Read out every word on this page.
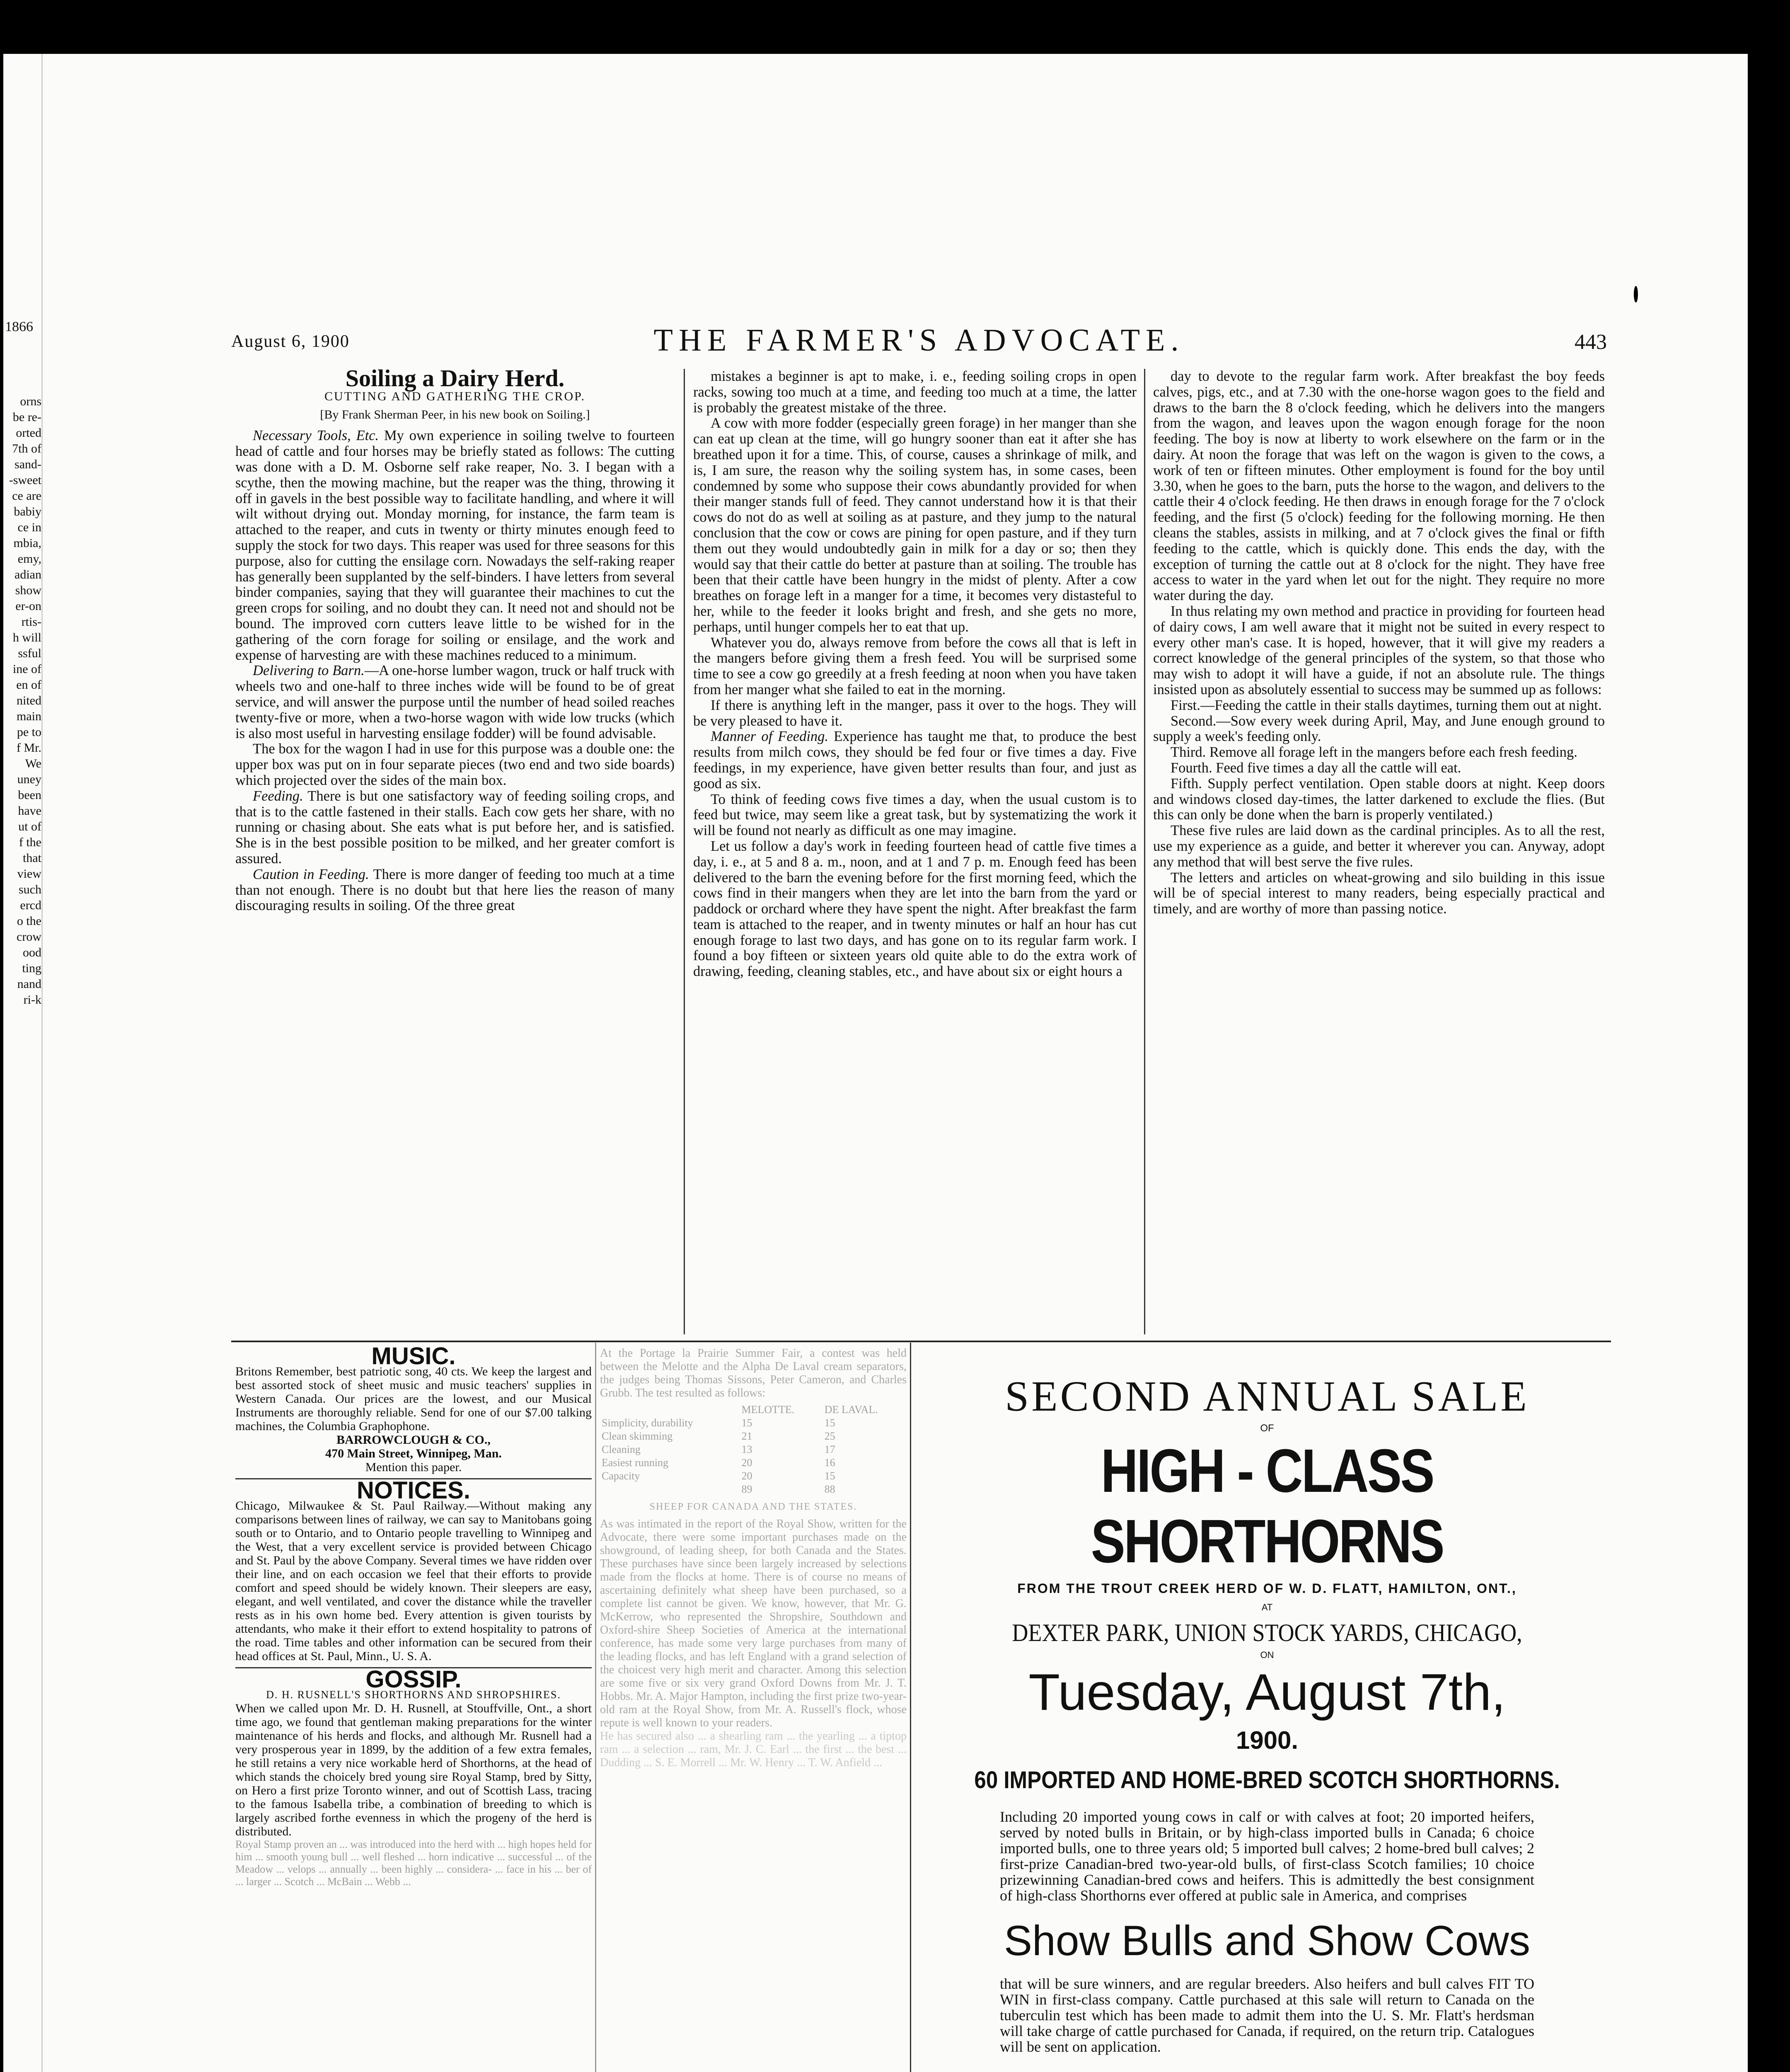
1866
orns
be re-
orted
7th of
sand-
-sweet
ce are
babiy
ce in
mbia,
emy,
adian
show
er-on
rtis-
h will
ssful
ine of
en of
nited
main
pe to
f Mr.
We
uney
been
have
ut of
f the
that
view
such
ercd
o the
crow
ood
ting
nand
ri-k
August 6, 1900	THE FARMER'S ADVOCATE.	443
Soiling a Dairy Herd.
CUTTING AND GATHERING THE CROP.
[By Frank Sherman Peer, in his new book on Soiling.]

Necessary Tools, Etc. My own experience in soiling twelve to fourteen head of cattle and four horses may be briefly stated as follows: The cutting was done with a D. M. Osborne self rake reaper, No. 3. I began with a scythe, then the mowing machine, but the reaper was the thing, throwing it off in gavels in the best possible way to facilitate handling, and where it will wilt without drying out. Monday morning, for instance, the farm team is attached to the reaper, and cuts in twenty or thirty minutes enough feed to supply the stock for two days. This reaper was used for three seasons for this purpose, also for cutting the ensilage corn. Nowadays the self-raking reaper has generally been supplanted by the self-binders. I have letters from several binder companies, saying that they will guarantee their machines to cut the green crops for soiling, and no doubt they can. It need not and should not be bound. The improved corn cutters leave little to be wished for in the gathering of the corn forage for soiling or ensilage, and the work and expense of harvesting are with these machines reduced to a minimum.

Delivering to Barn.—A one-horse lumber wagon, truck or half truck with wheels two and one-half to three inches wide will be found to be of great service, and will answer the purpose until the number of head soiled reaches twenty-five or more, when a two-horse wagon with wide low trucks (which is also most useful in harvesting ensilage fodder) will be found advisable.

The box for the wagon I had in use for this purpose was a double one: the upper box was put on in four separate pieces (two end and two side boards) which projected over the sides of the main box.

Feeding. There is but one satisfactory way of feeding soiling crops, and that is to the cattle fastened in their stalls. Each cow gets her share, with no running or chasing about. She eats what is put before her, and is satisfied. She is in the best possible position to be milked, and her greater comfort is assured.

Caution in Feeding. There is more danger of feeding too much at a time than not enough. There is no doubt but that here lies the reason of many discouraging results in soiling. Of the three great

mistakes a beginner is apt to make, i. e., feeding soiling crops in open racks, sowing too much at a time, and feeding too much at a time, the latter is probably the greatest mistake of the three.

A cow with more fodder (especially green forage) in her manger than she can eat up clean at the time, will go hungry sooner than eat it after she has breathed upon it for a time. This, of course, causes a shrinkage of milk, and is, I am sure, the reason why the soiling system has, in some cases, been condemned by some who suppose their cows abundantly provided for when their manger stands full of feed. They cannot understand how it is that their cows do not do as well at soiling as at pasture, and they jump to the natural conclusion that the cow or cows are pining for open pasture, and if they turn them out they would undoubtedly gain in milk for a day or so; then they would say that their cattle do better at pasture than at soiling. The trouble has been that their cattle have been hungry in the midst of plenty. After a cow breathes on forage left in a manger for a time, it becomes very distasteful to her, while to the feeder it looks bright and fresh, and she gets no more, perhaps, until hunger compels her to eat that up.

Whatever you do, always remove from before the cows all that is left in the mangers before giving them a fresh feed. You will be surprised some time to see a cow go greedily at a fresh feeding at noon when you have taken from her manger what she failed to eat in the morning.

If there is anything left in the manger, pass it over to the hogs. They will be very pleased to have it.

Manner of Feeding. Experience has taught me that, to produce the best results from milch cows, they should be fed four or five times a day. Five feedings, in my experience, have given better results than four, and just as good as six.

To think of feeding cows five times a day, when the usual custom is to feed but twice, may seem like a great task, but by systematizing the work it will be found not nearly as difficult as one may imagine.

Let us follow a day's work in feeding fourteen head of cattle five times a day, i. e., at 5 and 8 a. m., noon, and at 1 and 7 p. m. Enough feed has been delivered to the barn the evening before for the first morning feed, which the cows find in their mangers when they are let into the barn from the yard or paddock or orchard where they have spent the night. After breakfast the farm team is attached to the reaper, and in twenty minutes or half an hour has cut enough forage to last two days, and has gone on to its regular farm work. I found a boy fifteen or sixteen years old quite able to do the extra work of drawing, feeding, cleaning stables, etc., and have about six or eight hours a

day to devote to the regular farm work. After breakfast the boy feeds calves, pigs, etc., and at 7.30 with the one-horse wagon goes to the field and draws to the barn the 8 o'clock feeding, which he delivers into the mangers from the wagon, and leaves upon the wagon enough forage for the noon feeding. The boy is now at liberty to work elsewhere on the farm or in the dairy. At noon the forage that was left on the wagon is given to the cows, a work of ten or fifteen minutes. Other employment is found for the boy until 3.30, when he goes to the barn, puts the horse to the wagon, and delivers to the cattle their 4 o'clock feeding. He then draws in enough forage for the 7 o'clock feeding, and the first (5 o'clock) feeding for the following morning. He then cleans the stables, assists in milking, and at 7 o'clock gives the final or fifth feeding to the cattle, which is quickly done. This ends the day, with the exception of turning the cattle out at 8 o'clock for the night. They have free access to water in the yard when let out for the night. They require no more water during the day.

In thus relating my own method and practice in providing for fourteen head of dairy cows, I am well aware that it might not be suited in every respect to every other man's case. It is hoped, however, that it will give my readers a correct knowledge of the general principles of the system, so that those who may wish to adopt it will have a guide, if not an absolute rule. The things insisted upon as absolutely essential to success may be summed up as follows:

First.—Feeding the cattle in their stalls daytimes, turning them out at night.

Second.—Sow every week during April, May, and June enough ground to supply a week's feeding only.

Third. Remove all forage left in the mangers before each fresh feeding.

Fourth. Feed five times a day all the cattle will eat.

Fifth. Supply perfect ventilation. Open stable doors at night. Keep doors and windows closed day-times, the latter darkened to exclude the flies. (But this can only be done when the barn is properly ventilated.)

These five rules are laid down as the cardinal principles. As to all the rest, use my experience as a guide, and better it wherever you can. Anyway, adopt any method that will best serve the five rules.

The letters and articles on wheat-growing and silo building in this issue will be of special interest to many readers, being especially practical and timely, and are worthy of more than passing notice.

MUSIC.

Britons Remember, best patriotic song, 40 cts. We keep the largest and best assorted stock of sheet music and music teachers' supplies in Western Canada. Our prices are the lowest, and our Musical Instruments are thoroughly reliable. Send for one of our $7.00 talking machines, the Columbia Graphophone.

BARROWCLOUGH & CO.,

470 Main Street, Winnipeg, Man.

Mention this paper.

NOTICES.

Chicago, Milwaukee & St. Paul Railway.—Without making any comparisons between lines of railway, we can say to Manitobans going south or to Ontario, and to Ontario people travelling to Winnipeg and the West, that a very excellent service is provided between Chicago and St. Paul by the above Company. Several times we have ridden over their line, and on each occasion we feel that their efforts to provide comfort and speed should be widely known. Their sleepers are easy, elegant, and well ventilated, and cover the distance while the traveller rests as in his own home bed. Every attention is given tourists by attendants, who make it their effort to extend hospitality to patrons of the road. Time tables and other information can be secured from their head offices at St. Paul, Minn., U. S. A.

GOSSIP.

D. H. RUSNELL'S SHORTHORNS AND SHROPSHIRES.

When we called upon Mr. D. H. Rusnell, at Stouffville, Ont., a short time ago, we found that gentleman making preparations for the winter maintenance of his herds and flocks, and although Mr. Rusnell had a very prosperous year in 1899, by the addition of a few extra females, he still retains a very nice workable herd of Shorthorns, at the head of which stands the choicely bred young sire Royal Stamp, bred by Sitty, on Hero a first prize Toronto winner, and out of Scottish Lass, tracing to the famous Isabella tribe, a combination of breeding to which is largely ascribed forthe evenness in which the progeny of the herd is distributed.

Royal Stamp proven an ... was introduced into the herd with ... high hopes held for him ... smooth young bull ... well fleshed ... horn indicative ... successful ... of the Meadow ... velops ... annually ... been highly ... considera- ... face in his ... ber of ... larger ... Scotch ... McBain ... Webb ...

At the Portage la Prairie Summer Fair, a contest was held between the Melotte and the Alpha De Laval cream separators, the judges being Thomas Sissons, Peter Cameron, and Charles Grubb. The test resulted as follows:

	MELOTTE.	DE LAVAL.
Simplicity, durability	15	15
Clean skimming	21	25
Cleaning	13	17
Easiest running	20	16
Capacity	20	15
	89	88

SHEEP FOR CANADA AND THE STATES.

As was intimated in the report of the Royal Show, written for the Advocate, there were some important purchases made on the showground, of leading sheep, for both Canada and the States. These purchases have since been largely increased by selections made from the flocks at home. There is of course no means of ascertaining definitely what sheep have been purchased, so a complete list cannot be given. We know, however, that Mr. G. McKerrow, who represented the Shropshire, Southdown and Oxford-shire Sheep Societies of America at the international conference, has made some very large purchases from many of the leading flocks, and has left England with a grand selection of the choicest very high merit and character. Among this selection are some five or six very grand Oxford Downs from Mr. J. T. Hobbs. Mr. A. Major Hampton, including the first prize two-year-old ram at the Royal Show, from Mr. A. Russell's flock, whose repute is well known to your readers.

He has secured also ... a shearling ram ... the yearling ... a tiptop ram ... a selection ... ram, Mr. J. C. Earl ... the first ... the best ... Dudding ... S. E. Morrell ... Mr. W. Henry ... T. W. Anfield ...

SECOND ANNUAL SALE
OF
HIGH - CLASS SHORTHORNS
FROM THE TROUT CREEK HERD OF W. D. FLATT, HAMILTON, ONT.,
AT
DEXTER PARK, UNION STOCK YARDS, CHICAGO,
ON
Tuesday, August 7th,
1900.
60 IMPORTED AND HOME-BRED SCOTCH SHORTHORNS.
Including 20 imported young cows in calf or with calves at foot; 20 imported heifers, served by noted bulls in Britain, or by high-class imported bulls in Canada; 6 choice imported bulls, one to three years old; 5 imported bull calves; 2 home-bred bull calves; 2 first-prize Canadian-bred two-year-old bulls, of first-class Scotch families; 10 choice prizewinning Canadian-bred cows and heifers. This is admittedly the best consignment of high-class Shorthorns ever offered at public sale in America, and comprises
Show Bulls and Show Cows
that will be sure winners, and are regular breeders. Also heifers and bull calves FIT TO WIN in first-class company. Cattle purchased at this sale will return to Canada on the tuberculin test which has been made to admit them into the U. S. Mr. Flatt's herdsman will take charge of cattle purchased for Canada, if required, on the return trip. Catalogues will be sent on application.
